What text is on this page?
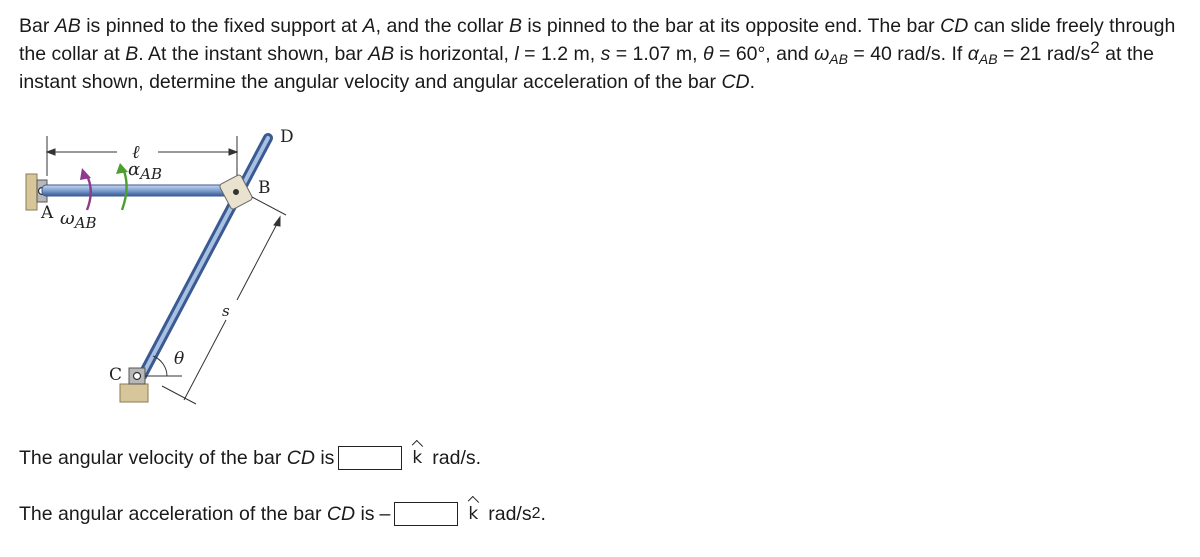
Bar AB is pinned to the fixed support at A, and the collar B is pinned to the bar at its opposite end. The bar CD can slide freely through the collar at B. At the instant shown, bar AB is horizontal, l = 1.2 m, s = 1.07 m, θ = 60°, and $\omega_{AB} = 40$ rad/s. If $\alpha_{AB} = 21$ rad/$s^2$ at the instant shown, determine the angular velocity and angular acceleration of the bar CD.
ℓ
A
B
D
C
θ
s
$\alpha_{AB}$
$\omega_{AB}$
The angular velocity of the bar CD is	k rad/s.
The angular acceleration of the bar CD is –	k rad/s 2 .
